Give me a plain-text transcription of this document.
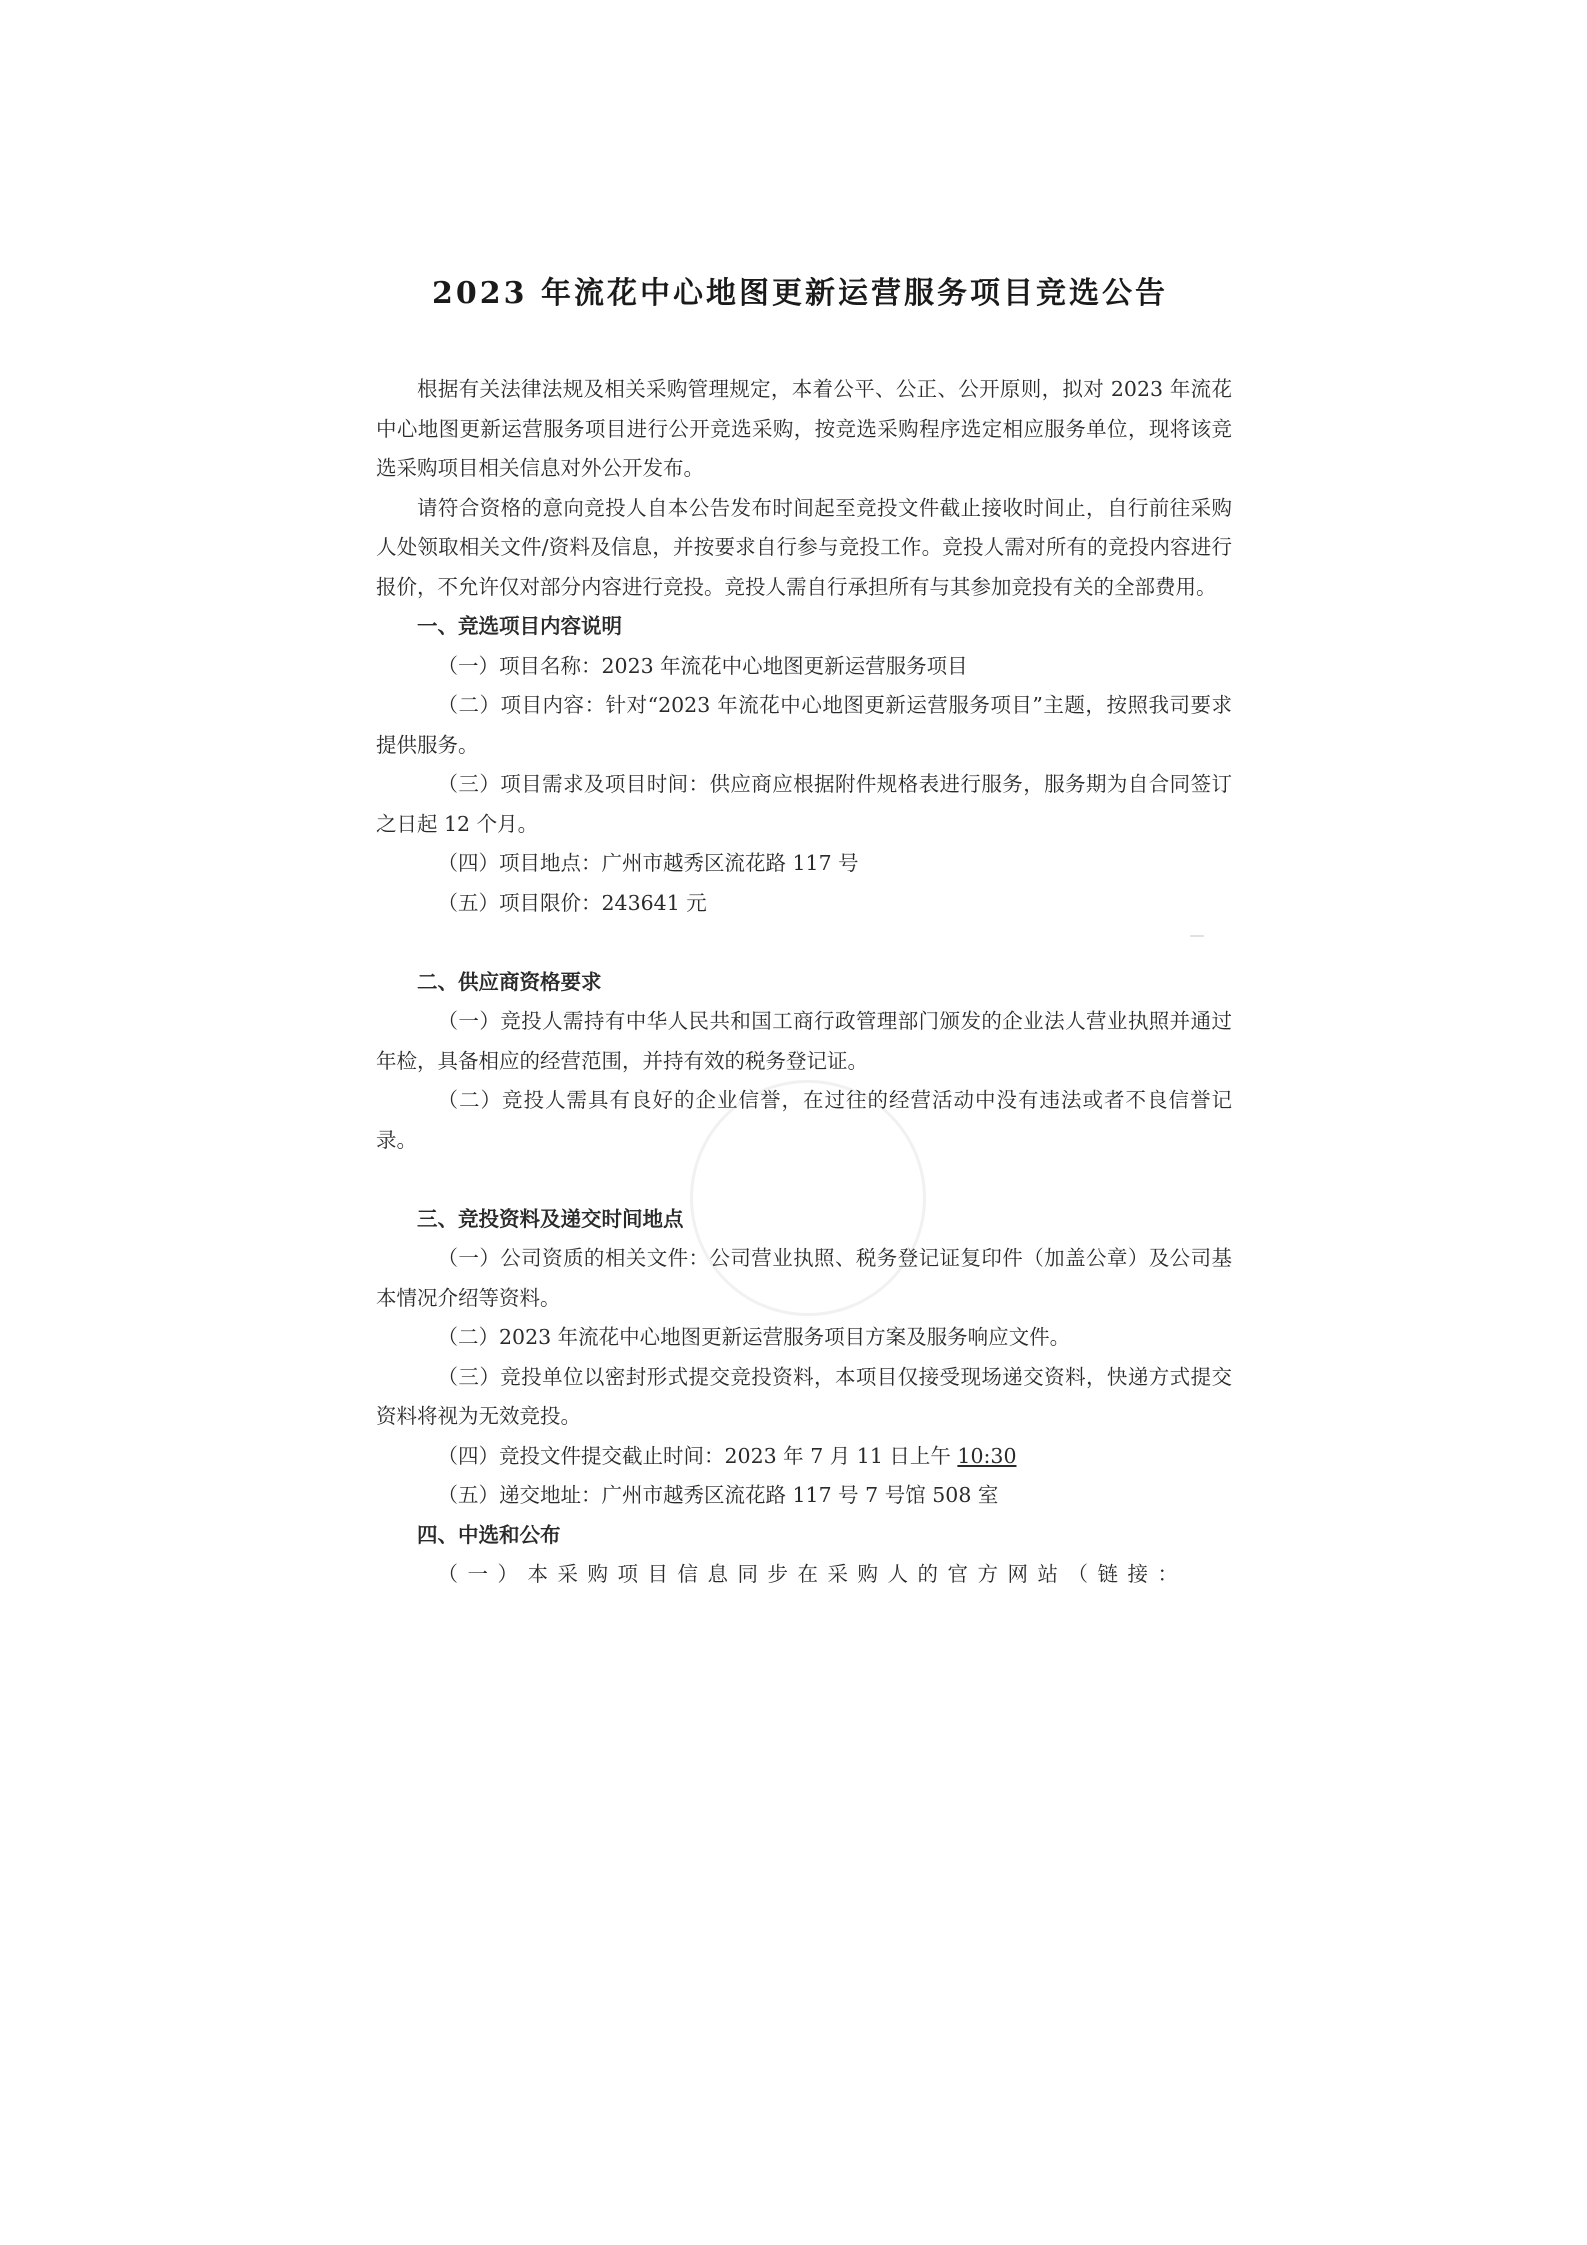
2023 年流花中心地图更新运营服务项目竞选公告

根据有关法律法规及相关采购管理规定，本着公平、公正、公开原则，拟对 2023 年流花中心地图更新运营服务项目进行公开竞选采购，按竞选采购程序选定相应服务单位，现将该竞选采购项目相关信息对外公开发布。

请符合资格的意向竞投人自本公告发布时间起至竞投文件截止接收时间止，自行前往采购人处领取相关文件/资料及信息，并按要求自行参与竞投工作。竞投人需对所有的竞投内容进行报价，不允许仅对部分内容进行竞投。竞投人需自行承担所有与其参加竞投有关的全部费用。

一、竞选项目内容说明

（一）项目名称：2023 年流花中心地图更新运营服务项目

（二）项目内容：针对“2023 年流花中心地图更新运营服务项目”主题，按照我司要求提供服务。

（三）项目需求及项目时间：供应商应根据附件规格表进行服务，服务期为自合同签订之日起 12 个月。

（四）项目地点：广州市越秀区流花路 117 号

（五）项目限价：243641 元

二、供应商资格要求

（一）竞投人需持有中华人民共和国工商行政管理部门颁发的企业法人营业执照并通过年检，具备相应的经营范围，并持有效的税务登记证。

（二）竞投人需具有良好的企业信誉，在过往的经营活动中没有违法或者不良信誉记录。

三、竞投资料及递交时间地点

（一）公司资质的相关文件：公司营业执照、税务登记证复印件（加盖公章）及公司基本情况介绍等资料。

（二）2023 年流花中心地图更新运营服务项目方案及服务响应文件。

（三）竞投单位以密封形式提交竞投资料，本项目仅接受现场递交资料，快递方式提交资料将视为无效竞投。

（四）竞投文件提交截止时间：2023 年 7 月 11 日上午 10:30

（五）递交地址：广州市越秀区流花路 117 号 7 号馆 508 室

四、中选和公布

（一）本采购项目信息同步在采购人的官方网站（链接：
